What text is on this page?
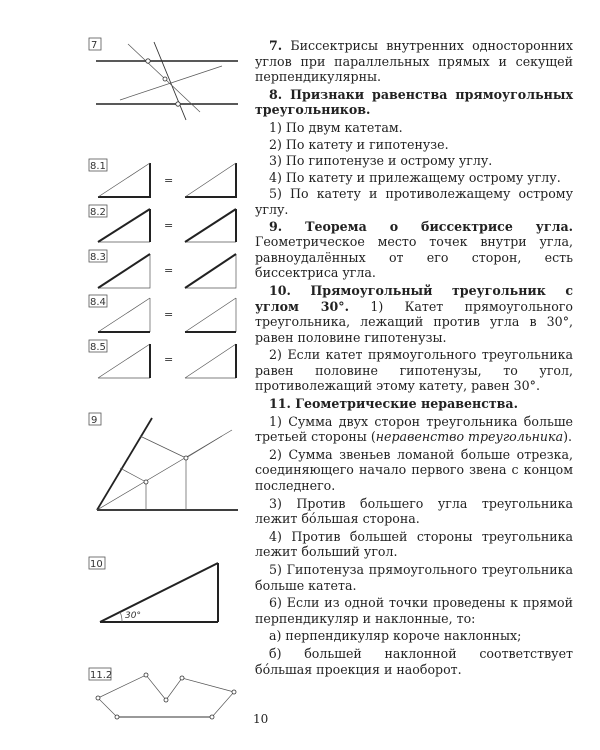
7
8.1
=
8.2
=
8.3
=
8.4
=
8.5
=
9
10
30°
11.2

7. Биссектрисы внутренних односторонних углов при параллельных прямых и секущей перпендикулярны.

8. Признаки равенства прямоугольных треугольников.

1) По двум катетам.

2) По катету и гипотенузе.

3) По гипотенузе и острому углу.

4) По катету и прилежащему острому углу.

5) По катету и противолежащему острому углу.

9. Теорема о биссектрисе угла. Геометрическое место точек внутри угла, равноудалённых от его сторон, есть биссектриса угла.

10. Прямоугольный треугольник с углом 30°. 1) Катет прямоугольного треугольника, лежащий против угла в 30°, равен половине гипотенузы.

2) Если катет прямоугольного треугольника равен половине гипотенузы, то угол, противолежащий этому катету, равен 30°.

11. Геометрические неравенства.

1) Сумма двух сторон треугольника больше третьей стороны (неравенство треугольника).

2) Сумма звеньев ломаной больше отрезка, соединяющего начало первого звена с концом последнего.

3) Против большего угла треугольника лежит бóльшая сторона.

4) Против большей стороны треугольника лежит больший угол.

5) Гипотенуза прямоугольного треугольника больше катета.

6) Если из одной точки проведены к прямой перпендикуляр и наклонные, то:

а) перпендикуляр короче наклонных;

б) большей наклонной соответствует бóльшая проекция и наоборот.

10
